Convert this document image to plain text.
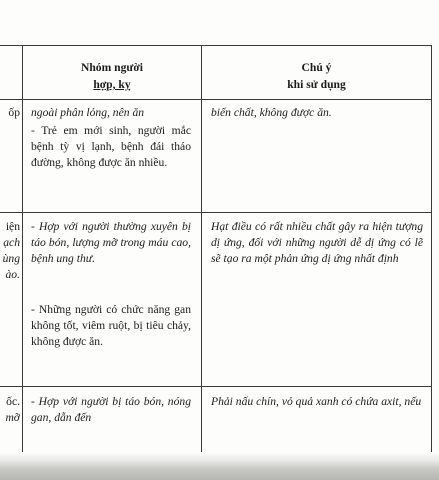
Nhóm người
hợp, kỵ
Chú ý
khi sử dụng
ốp ngoài phân lỏng, nên ăn
- Trẻ em mới sinh, người mắc bệnh tỳ vị lạnh, bệnh đái tháo đường, không được ăn nhiều.
biến chất, không được ăn.
iện
ạch
ùng
ào.
- Hợp với người thường xuyên bị táo bón, lượng mỡ trong máu cao, bệnh ung thư.
- Những người có chức năng gan không tốt, viêm ruột, bị tiêu chảy, không được ăn.
Hạt điều có rất nhiều chất gây ra hiện tượng dị ứng, đối với những người dễ dị ứng có lẽ sẽ tạo ra một phản ứng dị ứng nhất định
ốc.
mỡ
- Hợp với người bị táo bón, nóng gan, dẫn đến
Phải nấu chín, vỏ quả xanh có chứa axit, nếu
